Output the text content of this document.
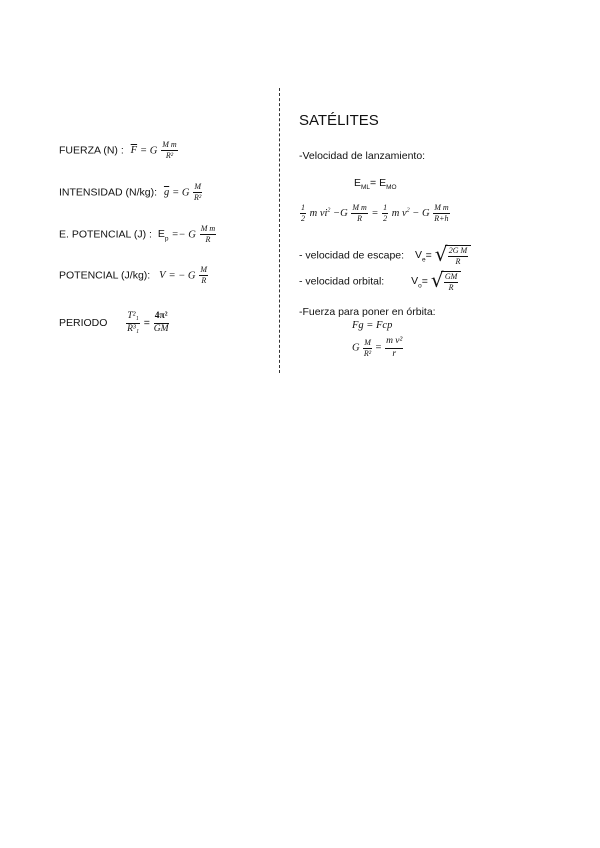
FUERZA (N) : $\overline{F} = G \frac{\text{M m}}{\text{R²}}$
INTENSIDAD (N/kg): $\overline{g} = G \frac{M}{\text{R²}}$
E. POTENCIAL (J) : $E_p =- G \frac{\text{M m}}{R}$
POTENCIAL (J/kg): V = − G $\frac{M}{R}$
PERIODO $\frac{\text{T²₁}}{\text{R³₁}} = \frac{\text{4π²}}{GM}$
SATÉLITES
-Velocidad de lanzamiento:
$E_{ML}= E_{MO}$
$\frac{1}{2}$ m $vi^2 -G \frac{\text{M m}}{R} = \frac{1}{2}$ m $v^2 - G \frac{\text{M m}}{R+h}$
- velocidad de escape: $V_e=$ √ $\frac{\text{2G M}}{R}$
- velocidad orbital:	$V_o=$ √ $\frac{GM}{R}$
-Fuerza para poner en órbita:
Fg = Fcp
G $\frac{M}{\text{R²}} = \frac{\text{m v²}}{r}$
